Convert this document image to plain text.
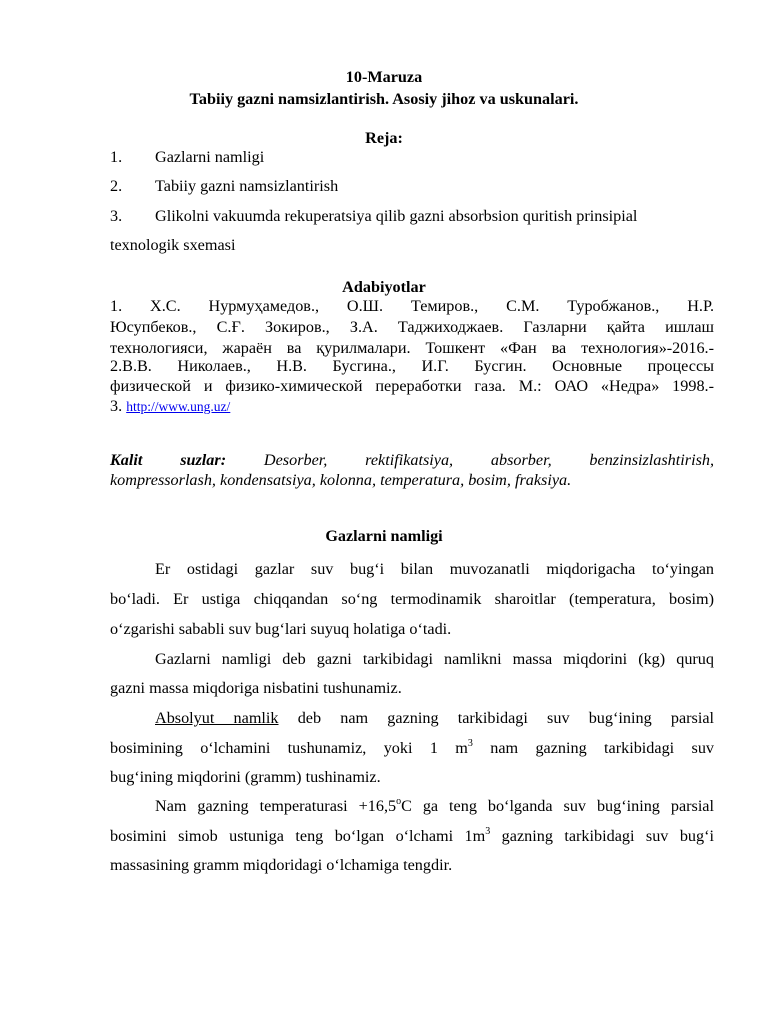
10-Maruza
Tabiiy gazni namsizlantirish. Asosiy jihoz va uskunalari.
Reja:
1. Gazlarni namligi
2. Tabiiy gazni namsizlantirish
3. Glikolni vakuumda rekuperatsiya qilib gazni absorbsion quritish prinsipial
texnologik sxemasi
Adabiyotlar
1. Х.С. Нурмуҳамедов., О.Ш. Темиров., С.М. Туробжанов., Н.Р.
Юсупбеков., С.Ғ. Зокиров., З.А. Таджиходжаев. Газларни қайта ишлаш
технологияси, жараён ва қурилмалари. Тошкент «Фан ва технология»-2016.-
2.В.В. Николаев., Н.В. Бусгина., И.Г. Бусгин. Основные процессы
физической и физико-химической переработки газа. М.: ОАО «Недра» 1998.-
3. http://www.ung.uz/
Kalit suzlar: Desorber, rektifikatsiya, absorber, benzinsizlashtirish,
kompressorlash, kondensatsiya, kolonna, temperatura, bosim, fraksiya.
Gazlarni namligi
Er ostidagi gazlar suv bug‘i bilan muvozanatli miqdorigacha to‘yingan
bo‘ladi. Er ustiga chiqqandan so‘ng termodinamik sharoitlar (temperatura, bosim)
o‘zgarishi sababli suv bug‘lari suyuq holatiga o‘tadi.
Gazlarni namligi deb gazni tarkibidagi namlikni massa miqdorini (kg) quruq
gazni massa miqdoriga nisbatini tushunamiz.
Absolyut namlik deb nam gazning tarkibidagi suv bug‘ining parsial
bosimining o‘lchamini tushunamiz, yoki 1 $m^3$ nam gazning tarkibidagi suv
bug‘ining miqdorini (gramm) tushinamiz.
Nam gazning temperaturasi $+16,5^oC$ ga teng bo‘lganda suv bug‘ining parsial
bosimini simob ustuniga teng bo‘lgan o‘lchami $1m^3$ gazning tarkibidagi suv bug‘i
massasining gramm miqdoridagi o‘lchamiga tengdir.
